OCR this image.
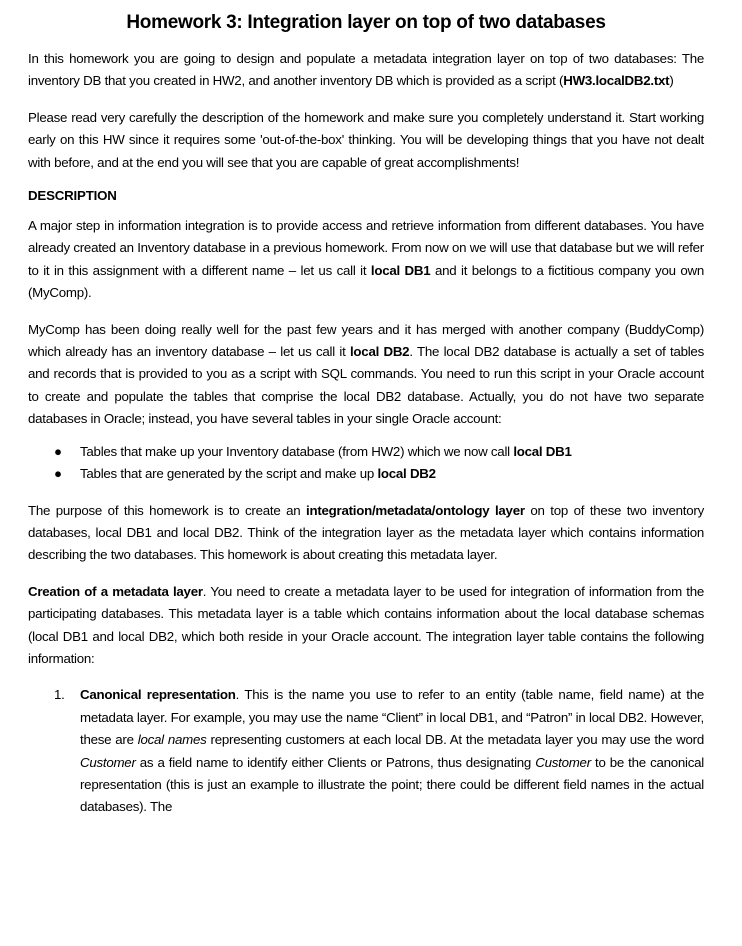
Homework 3: Integration layer on top of two databases

In this homework you are going to design and populate a metadata integration layer on top of two databases: The inventory DB that you created in HW2, and another inventory DB which is provided as a script (HW3.localDB2.txt)

Please read very carefully the description of the homework and make sure you completely understand it. Start working early on this HW since it requires some 'out-of-the-box' thinking. You will be developing things that you have not dealt with before, and at the end you will see that you are capable of great accomplishments!

DESCRIPTION

A major step in information integration is to provide access and retrieve information from different databases. You have already created an Inventory database in a previous homework. From now on we will use that database but we will refer to it in this assignment with a different name – let us call it local DB1 and it belongs to a fictitious company you own (MyComp).

MyComp has been doing really well for the past few years and it has merged with another company (BuddyComp) which already has an inventory database – let us call it local DB2. The local DB2 database is actually a set of tables and records that is provided to you as a script with SQL commands. You need to run this script in your Oracle account to create and populate the tables that comprise the local DB2 database. Actually, you do not have two separate databases in Oracle; instead, you have several tables in your single Oracle account:

● Tables that make up your Inventory database (from HW2) which we now call local DB1
● Tables that are generated by the script and make up local DB2

The purpose of this homework is to create an integration/metadata/ontology layer on top of these two inventory databases, local DB1 and local DB2. Think of the integration layer as the metadata layer which contains information describing the two databases. This homework is about creating this metadata layer.

Creation of a metadata layer. You need to create a metadata layer to be used for integration of information from the participating databases. This metadata layer is a table which contains information about the local database schemas (local DB1 and local DB2, which both reside in your Oracle account. The integration layer table contains the following information:

1. Canonical representation. This is the name you use to refer to an entity (table name, field name) at the metadata layer. For example, you may use the name “Client” in local DB1, and “Patron” in local DB2. However, these are local names representing customers at each local DB. At the metadata layer you may use the word Customer as a field name to identify either Clients or Patrons, thus designating Customer to be the canonical representation (this is just an example to illustrate the point; there could be different field names in the actual databases). The
